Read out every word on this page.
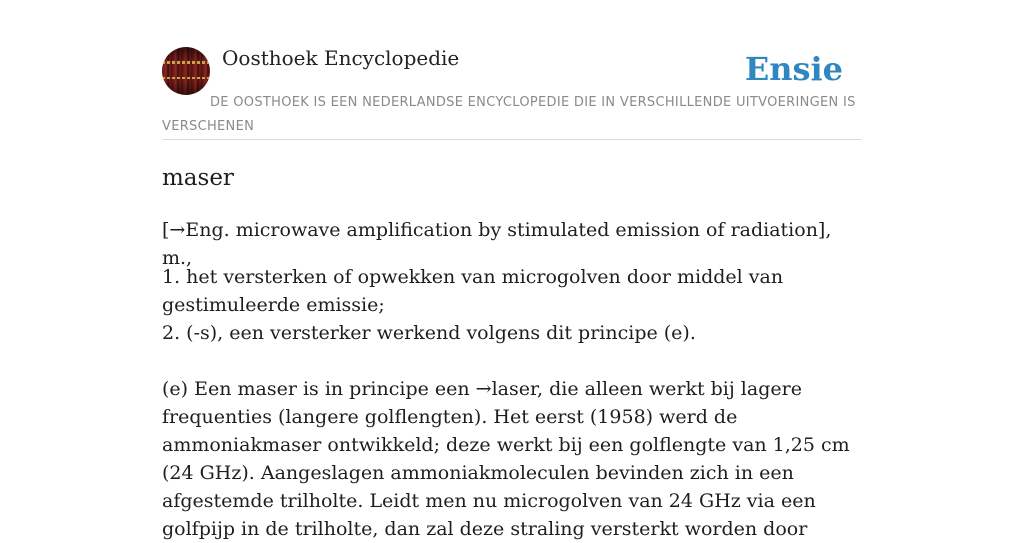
Oosthoek Encyclopedie	Ensie
DE OOSTHOEK IS EEN NEDERLANDSE ENCYCLOPEDIE DIE IN VERSCHILLENDE UITVOERINGEN IS VERSCHENEN
maser
[→Eng. microwave amplification by stimulated emission of radiation], m.,

1. het versterken of opwekken van microgolven door middel van gestimuleerde emissie;

2. (-s), een versterker werkend volgens dit principe (e).

(e) Een maser is in principe een →laser, die alleen werkt bij lagere frequenties (langere golflengten). Het eerst (1958) werd de ammoniakmaser ontwikkeld; deze werkt bij een golflengte van 1,25 cm (24 GHz). Aangeslagen ammoniakmoleculen bevinden zich in een afgestemde trilholte. Leidt men nu microgolven van 24 GHz via een golfpijp in de trilholte, dan zal deze straling versterkt worden door
